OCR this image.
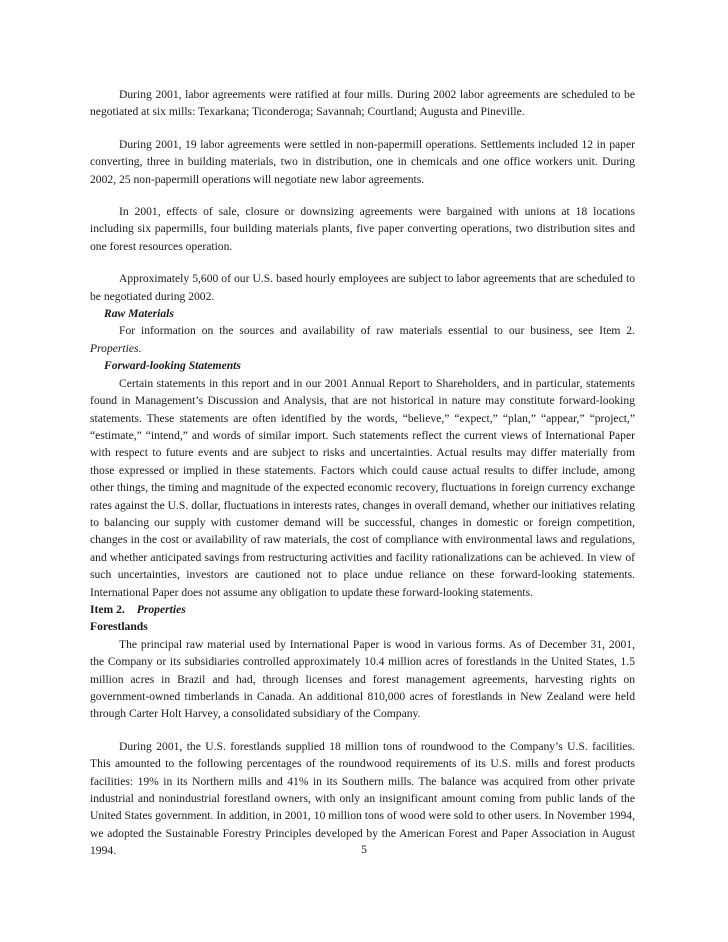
During 2001, labor agreements were ratified at four mills. During 2002 labor agreements are scheduled to be negotiated at six mills: Texarkana; Ticonderoga; Savannah; Courtland; Augusta and Pineville.

During 2001, 19 labor agreements were settled in non-papermill operations. Settlements included 12 in paper converting, three in building materials, two in distribution, one in chemicals and one office workers unit. During 2002, 25 non-papermill operations will negotiate new labor agreements.

In 2001, effects of sale, closure or downsizing agreements were bargained with unions at 18 locations including six papermills, four building materials plants, five paper converting operations, two distribution sites and one forest resources operation.

Approximately 5,600 of our U.S. based hourly employees are subject to labor agreements that are scheduled to be negotiated during 2002.

Raw Materials

For information on the sources and availability of raw materials essential to our business, see Item 2. Properties.

Forward-looking Statements

Certain statements in this report and in our 2001 Annual Report to Shareholders, and in particular, statements found in Management’s Discussion and Analysis, that are not historical in nature may constitute forward-looking statements. These statements are often identified by the words, “believe,” “expect,” “plan,” “appear,” “project,” “estimate,” “intend,” and words of similar import. Such statements reflect the current views of International Paper with respect to future events and are subject to risks and uncertainties. Actual results may differ materially from those expressed or implied in these statements. Factors which could cause actual results to differ include, among other things, the timing and magnitude of the expected economic recovery, fluctuations in foreign currency exchange rates against the U.S. dollar, fluctuations in interests rates, changes in overall demand, whether our initiatives relating to balancing our supply with customer demand will be successful, changes in domestic or foreign competition, changes in the cost or availability of raw materials, the cost of compliance with environmental laws and regulations, and whether anticipated savings from restructuring activities and facility rationalizations can be achieved. In view of such uncertainties, investors are cautioned not to place undue reliance on these forward-looking statements. International Paper does not assume any obligation to update these forward-looking statements.

Item 2. Properties
Forestlands

The principal raw material used by International Paper is wood in various forms. As of December 31, 2001, the Company or its subsidiaries controlled approximately 10.4 million acres of forestlands in the United States, 1.5 million acres in Brazil and had, through licenses and forest management agreements, harvesting rights on government-owned timberlands in Canada. An additional 810,000 acres of forestlands in New Zealand were held through Carter Holt Harvey, a consolidated subsidiary of the Company.

During 2001, the U.S. forestlands supplied 18 million tons of roundwood to the Company’s U.S. facilities. This amounted to the following percentages of the roundwood requirements of its U.S. mills and forest products facilities: 19% in its Northern mills and 41% in its Southern mills. The balance was acquired from other private industrial and nonindustrial forestland owners, with only an insignificant amount coming from public lands of the United States government. In addition, in 2001, 10 million tons of wood were sold to other users. In November 1994, we adopted the Sustainable Forestry Principles developed by the American Forest and Paper Association in August 1994.	5
